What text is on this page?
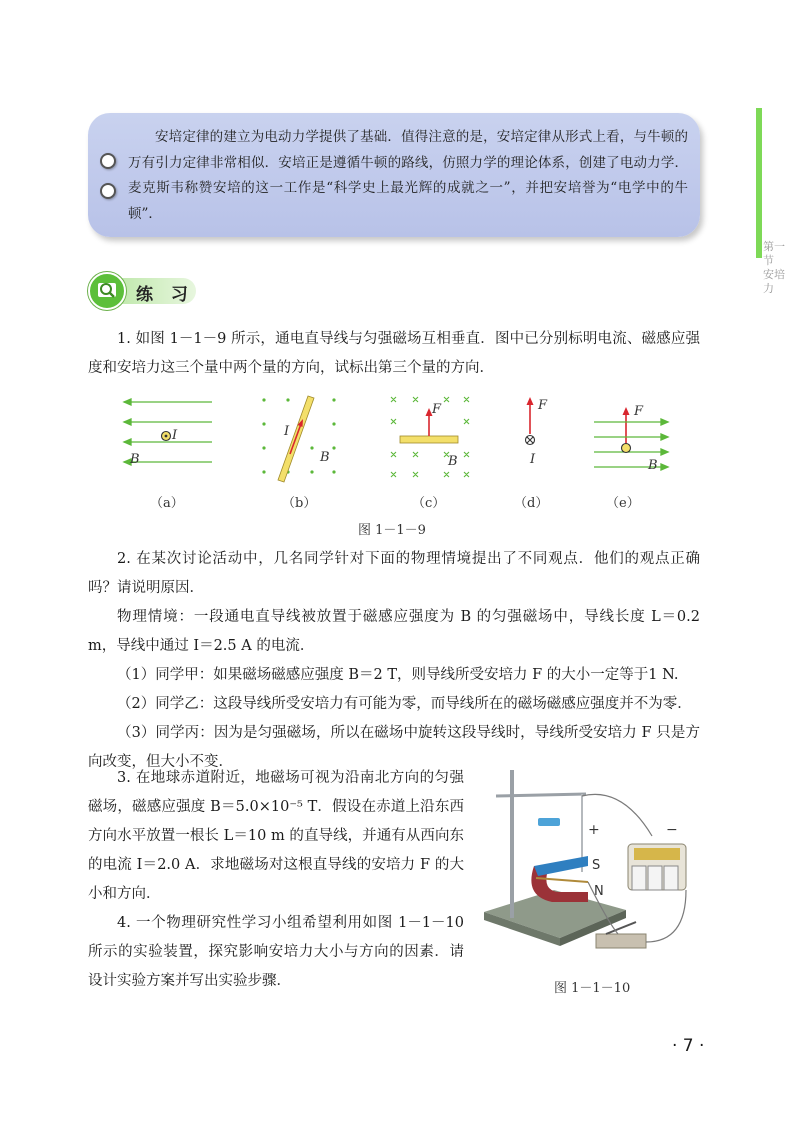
第一节 安培力
安培定律的建立为电动力学提供了基础．值得注意的是，安培定律从形式上看，与牛顿的万有引力定律非常相似．安培正是遵循牛顿的路线，仿照力学的理论体系，创建了电动力学．麦克斯韦称赞安培的这一工作是“科学史上最光辉的成就之一”，并把安培誉为“电学中的牛顿”．
练 习
1. 如图 1－1－9 所示，通电直导线与匀强磁场互相垂直．图中已分别标明电流、磁感应强度和安培力这三个量中两个量的方向，试标出第三个量的方向．
I
B
I
B
F
B
F
I
F
B
（a）	（b）	（c）	（d）	（e）
图 1－1－9
2. 在某次讨论活动中，几名同学针对下面的物理情境提出了不同观点．他们的观点正确吗？请说明原因．
物理情境：一段通电直导线被放置于磁感应强度为 B 的匀强磁场中，导线长度 L＝0.2 m，导线中通过 I＝2.5 A 的电流．
（1）同学甲：如果磁场磁感应强度 B＝2 T，则导线所受安培力 F 的大小一定等于1 N.
（2）同学乙：这段导线所受安培力有可能为零，而导线所在的磁场磁感应强度并不为零．
（3）同学丙：因为是匀强磁场，所以在磁场中旋转这段导线时，导线所受安培力 F 只是方向改变，但大小不变．
3. 在地球赤道附近，地磁场可视为沿南北方向的匀强磁场，磁感应强度 B＝5.0×10⁻⁵ T．假设在赤道上沿东西方向水平放置一根长 L＝10 m 的直导线，并通有从西向东的电流 I＝2.0 A．求地磁场对这根直导线的安培力 F 的大小和方向．
4. 一个物理研究性学习小组希望利用如图 1－1－10 所示的实验装置，探究影响安培力大小与方向的因素．请设计实验方案并写出实验步骤．
+	−
S
N
图 1－1－10
· 7 ·
